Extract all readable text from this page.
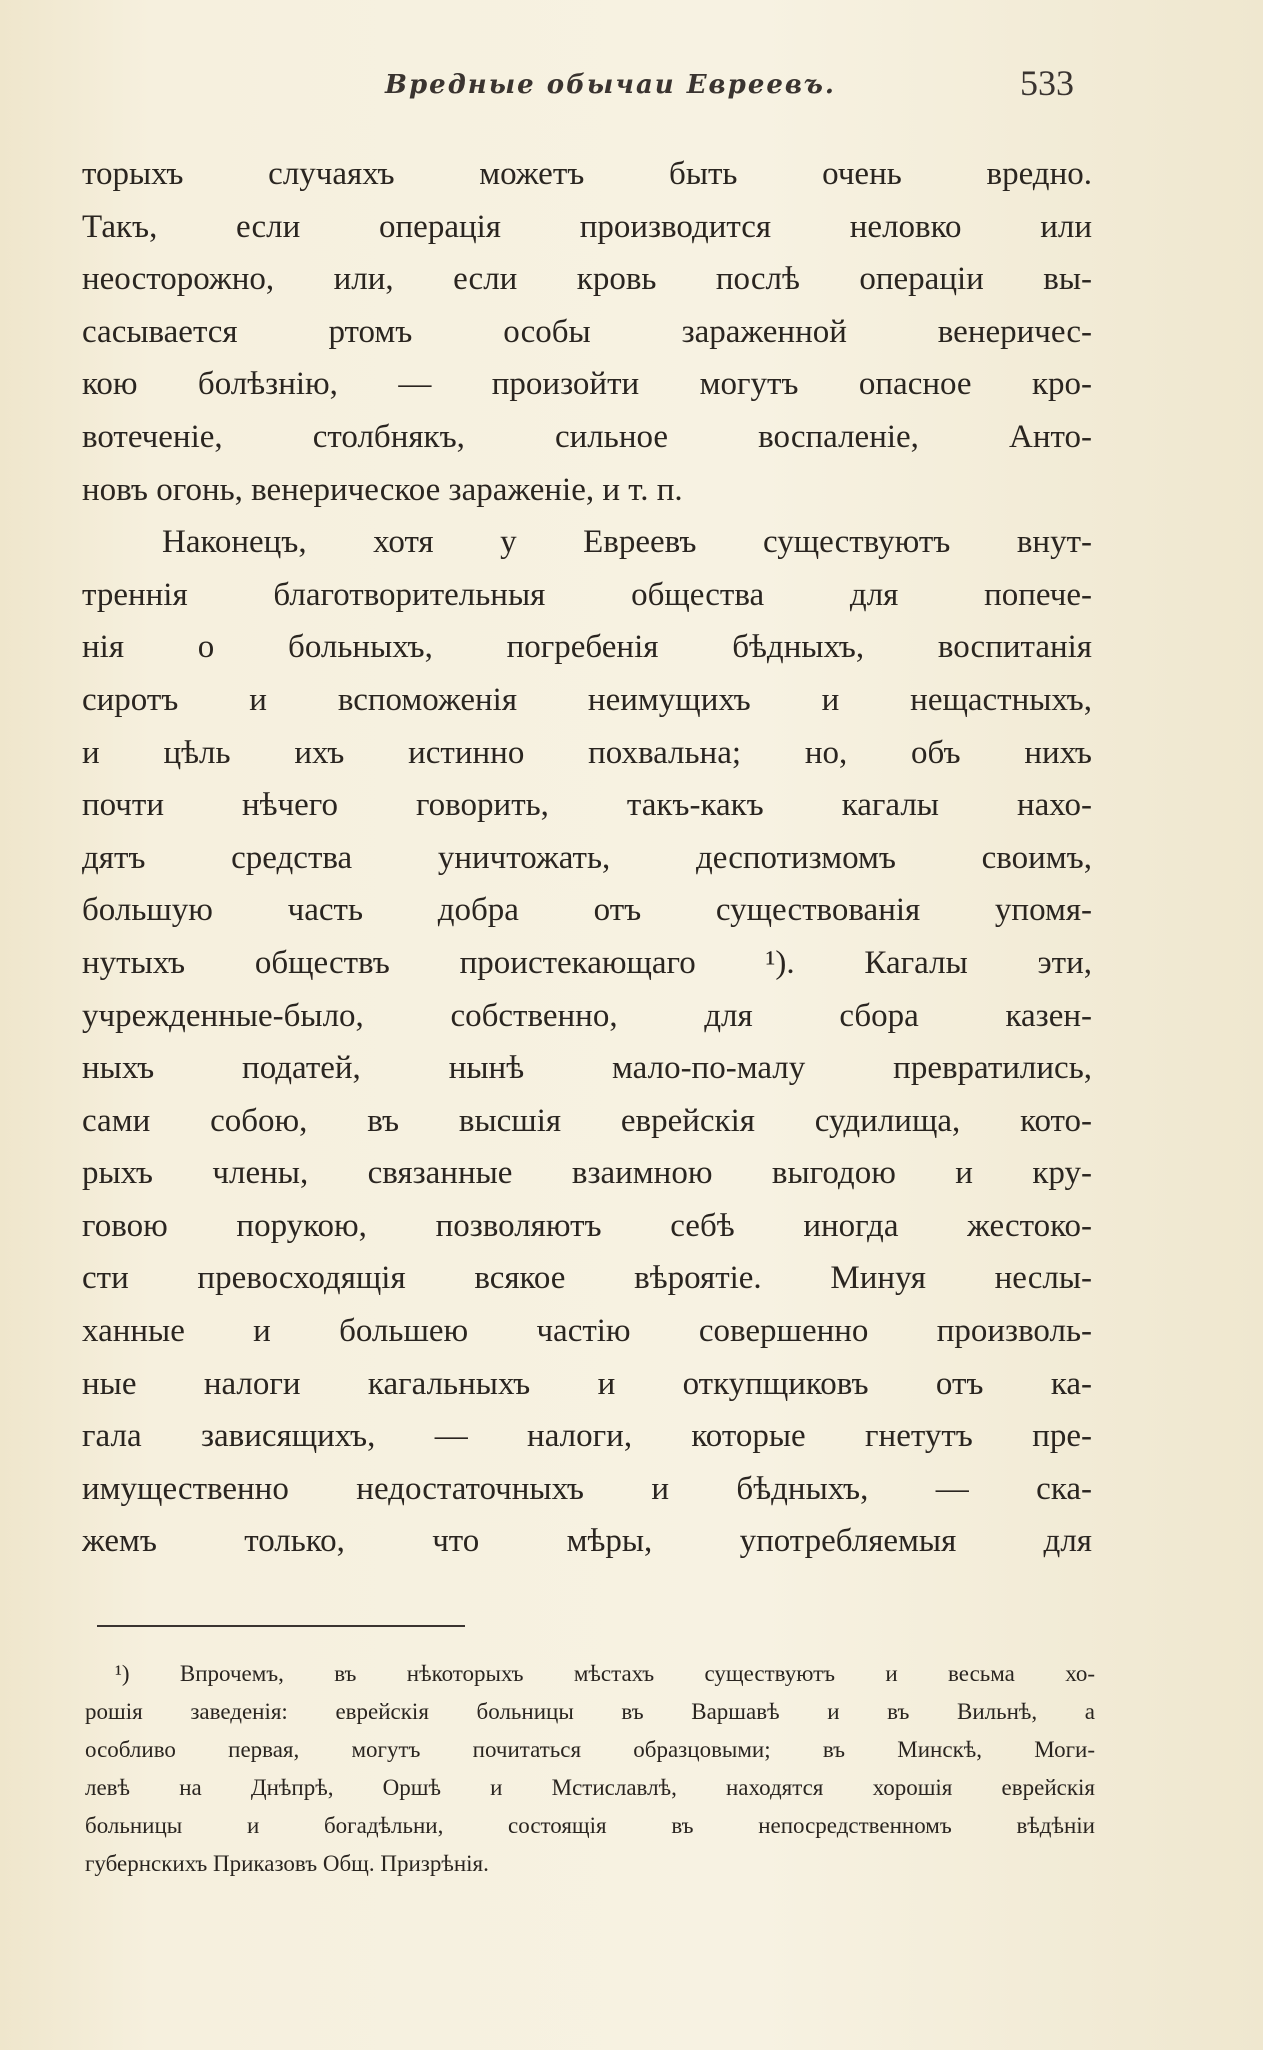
Вредные обычаи Евреевъ.	533
торыхъ случаяхъ можетъ быть очень вредно.
Такъ, если операція производится неловко или
неосторожно, или, если кровь послѣ операціи вы-
сасывается ртомъ особы зараженной венеричес-
кою болѣзнію, — произойти могутъ опасное кро-
вотеченіе, столбнякъ, сильное воспаленіе, Анто-
новъ огонь, венерическое зараженіе, и т. п.
Наконецъ, хотя у Евреевъ существуютъ внут-
треннія благотворительныя общества для попече-
нія о больныхъ, погребенія бѣдныхъ, воспитанія
сиротъ и вспоможенія неимущихъ и нещастныхъ,
и цѣль ихъ истинно похвальна; но, объ нихъ
почти нѣчего говорить, такъ-какъ кагалы нахо-
дятъ средства уничтожать, деспотизмомъ своимъ,
большую часть добра отъ существованія упомя-
нутыхъ обществъ проистекающаго ¹). Кагалы эти,
учрежденные-было, собственно, для сбора казен-
ныхъ податей, нынѣ мало-по-малу превратились,
сами собою, въ высшія еврейскія судилища, кото-
рыхъ члены, связанные взаимною выгодою и кру-
говою порукою, позволяютъ себѣ иногда жестоко-
сти превосходящія всякое вѣроятіе. Минуя неслы-
ханные и большею частію совершенно произволь-
ные налоги кагальныхъ и откупщиковъ отъ ка-
гала зависящихъ, — налоги, которые гнетутъ пре-
имущественно недостаточныхъ и бѣдныхъ, — ска-
жемъ только, что мѣры, употребляемыя для
¹) Впрочемъ, въ нѣкоторыхъ мѣстахъ существуютъ и весьма хо-
рошія заведенія: еврейскія больницы въ Варшавѣ и въ Вильнѣ, а
особливо первая, могутъ почитаться образцовыми; въ Минскѣ, Моги-
левѣ на Днѣпрѣ, Оршѣ и Мстиславлѣ, находятся хорошія еврейскія
больницы и богадѣльни, состоящія въ непосредственномъ вѣдѣніи
губернскихъ Приказовъ Общ. Призрѣнія.
